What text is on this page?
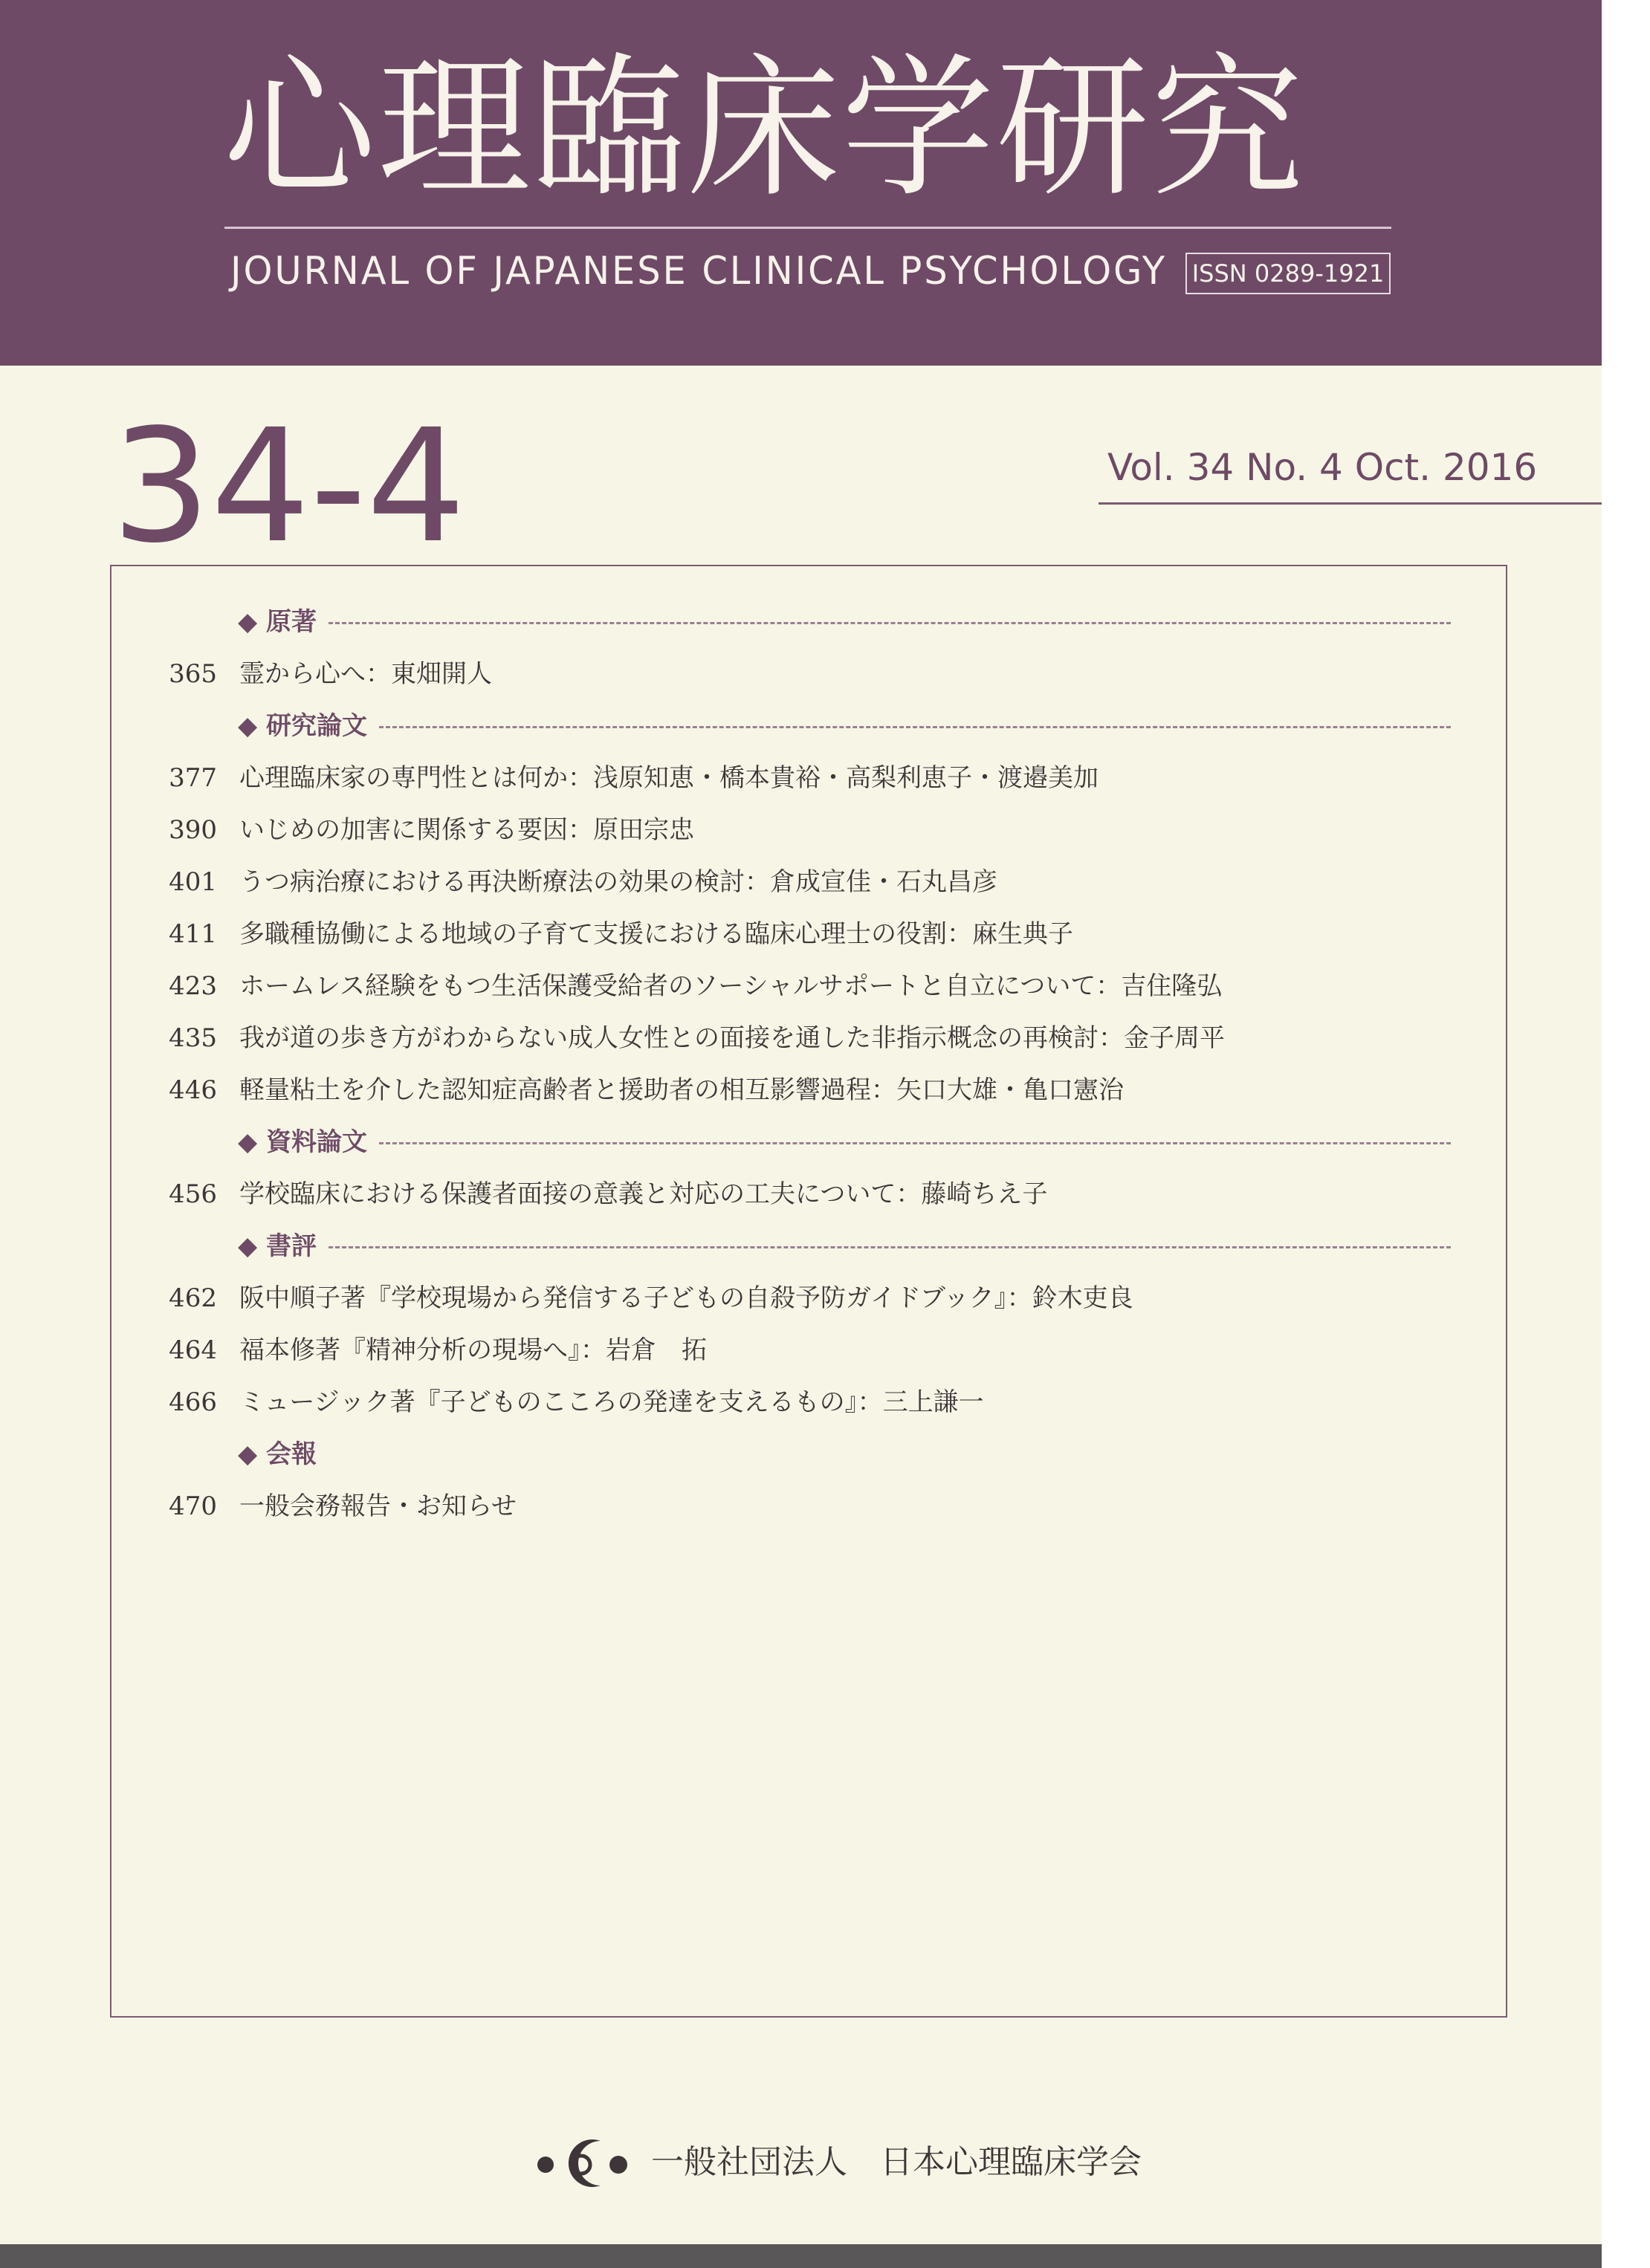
心理臨床学研究
JOURNAL OF JAPANESE CLINICAL PSYCHOLOGY ISSN 0289-1921
34-4	Vol. 34 No. 4 Oct. 2016
◆ 原著
365 霊から心へ：東畑開人
◆ 研究論文
377 心理臨床家の専門性とは何か：浅原知恵・橋本貴裕・高梨利恵子・渡邉美加
390 いじめの加害に関係する要因：原田宗忠
401 うつ病治療における再決断療法の効果の検討：倉成宣佳・石丸昌彦
411 多職種協働による地域の子育て支援における臨床心理士の役割：麻生典子
423 ホームレス経験をもつ生活保護受給者のソーシャルサポートと自立について：吉住隆弘
435 我が道の歩き方がわからない成人女性との面接を通した非指示概念の再検討：金子周平
446 軽量粘土を介した認知症高齢者と援助者の相互影響過程：矢口大雄・亀口憲治
◆ 資料論文
456 学校臨床における保護者面接の意義と対応の工夫について：藤崎ちえ子
◆ 書評
462 阪中順子著『学校現場から発信する子どもの自殺予防ガイドブック』：鈴木吏良
464 福本修著『精神分析の現場へ』：岩倉　拓
466 ミュージック著『子どものこころの発達を支えるもの』：三上謙一
◆ 会報
470 一般会務報告・お知らせ
一般社団法人　日本心理臨床学会
